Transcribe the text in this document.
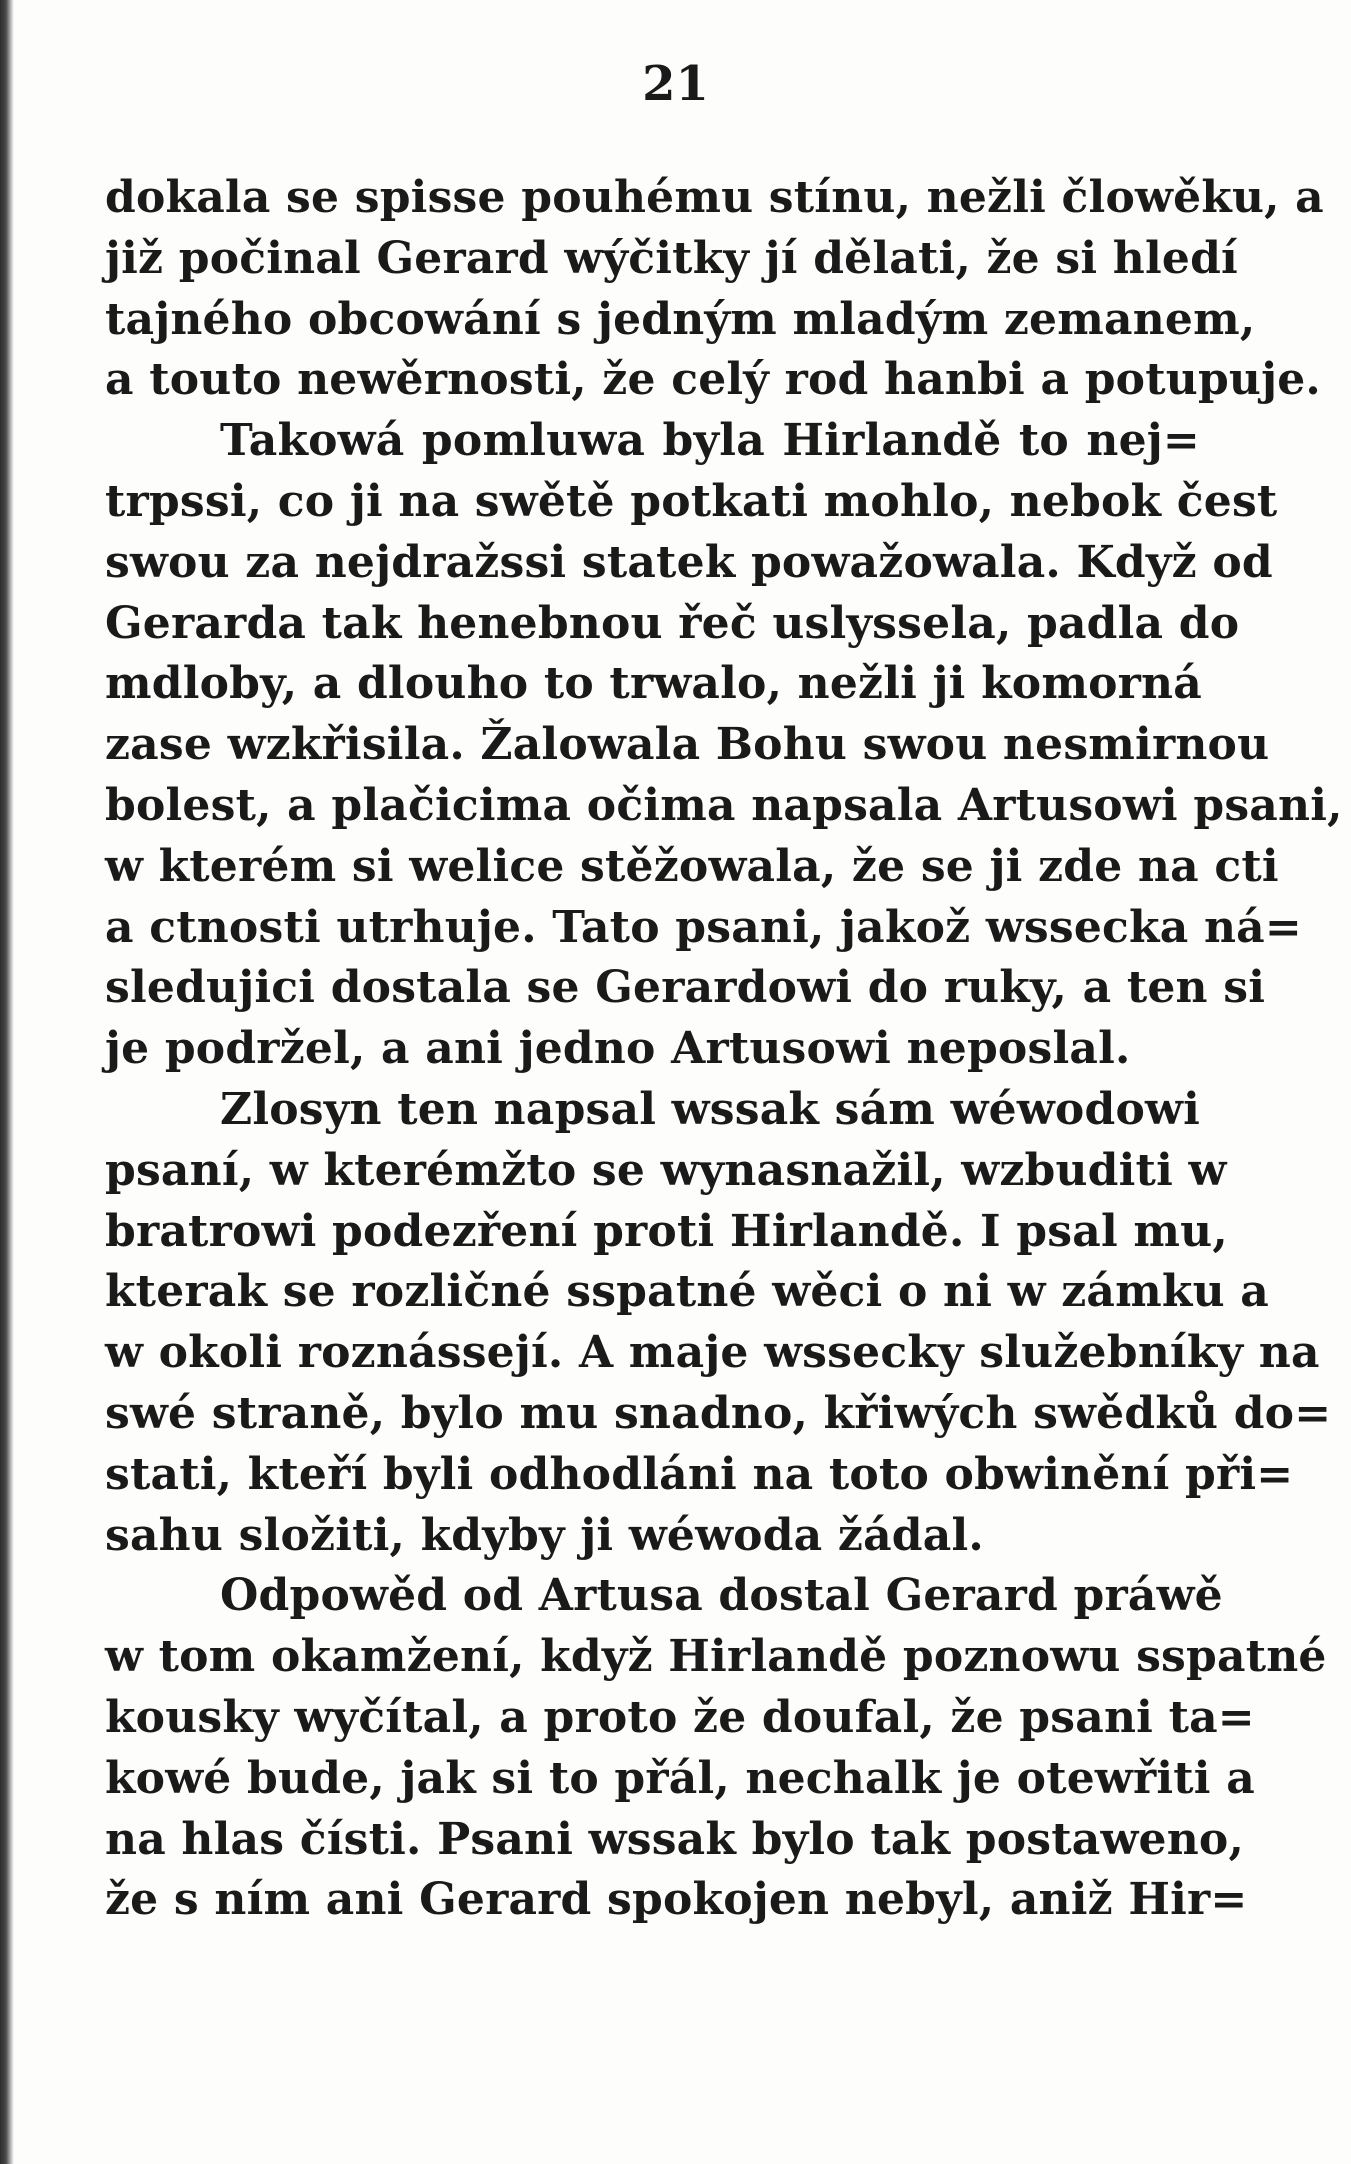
21
dokala se spisse pouhému stínu, nežli člowěku, a
již počinal Gerard wýčitky jí dělati, že si hledí
tajného obcowání s jedným mladým zemanem,
a touto newěrnosti, že celý rod hanbi a potupuje.
Takowá pomluwa byla Hirlandě to nej=
trpssi, co ji na swětě potkati mohlo, nebok čest
swou za nejdražssi statek powažowala. Když od
Gerarda tak henebnou řeč uslyssela, padla do
mdloby, a dlouho to trwalo, nežli ji komorná
zase wzkřisila. Žalowala Bohu swou nesmirnou
bolest, a plačicima očima napsala Artusowi psani,
w kterém si welice stěžowala, že se ji zde na cti
a ctnosti utrhuje. Tato psani, jakož wssecka ná=
sledujici dostala se Gerardowi do ruky, a ten si
je podržel, a ani jedno Artusowi neposlal.
Zlosyn ten napsal wssak sám wéwodowi
psaní, w kterémžto se wynasnažil, wzbuditi w
bratrowi podezření proti Hirlandě. I psal mu,
kterak se rozličné sspatné wěci o ni w zámku a
w okoli roznássejí. A maje wssecky služebníky na
swé straně, bylo mu snadno, křiwých swědků do=
stati, kteří byli odhodláni na toto obwinění při=
sahu složiti, kdyby ji wéwoda žádal.
Odpowěd od Artusa dostal Gerard práwě
w tom okamžení, když Hirlandě poznowu sspatné
kousky wyčítal, a proto že doufal, že psani ta=
kowé bude, jak si to přál, nechalk je otewřiti a
na hlas čísti. Psani wssak bylo tak postaweno,
že s ním ani Gerard spokojen nebyl, aniž Hir=
